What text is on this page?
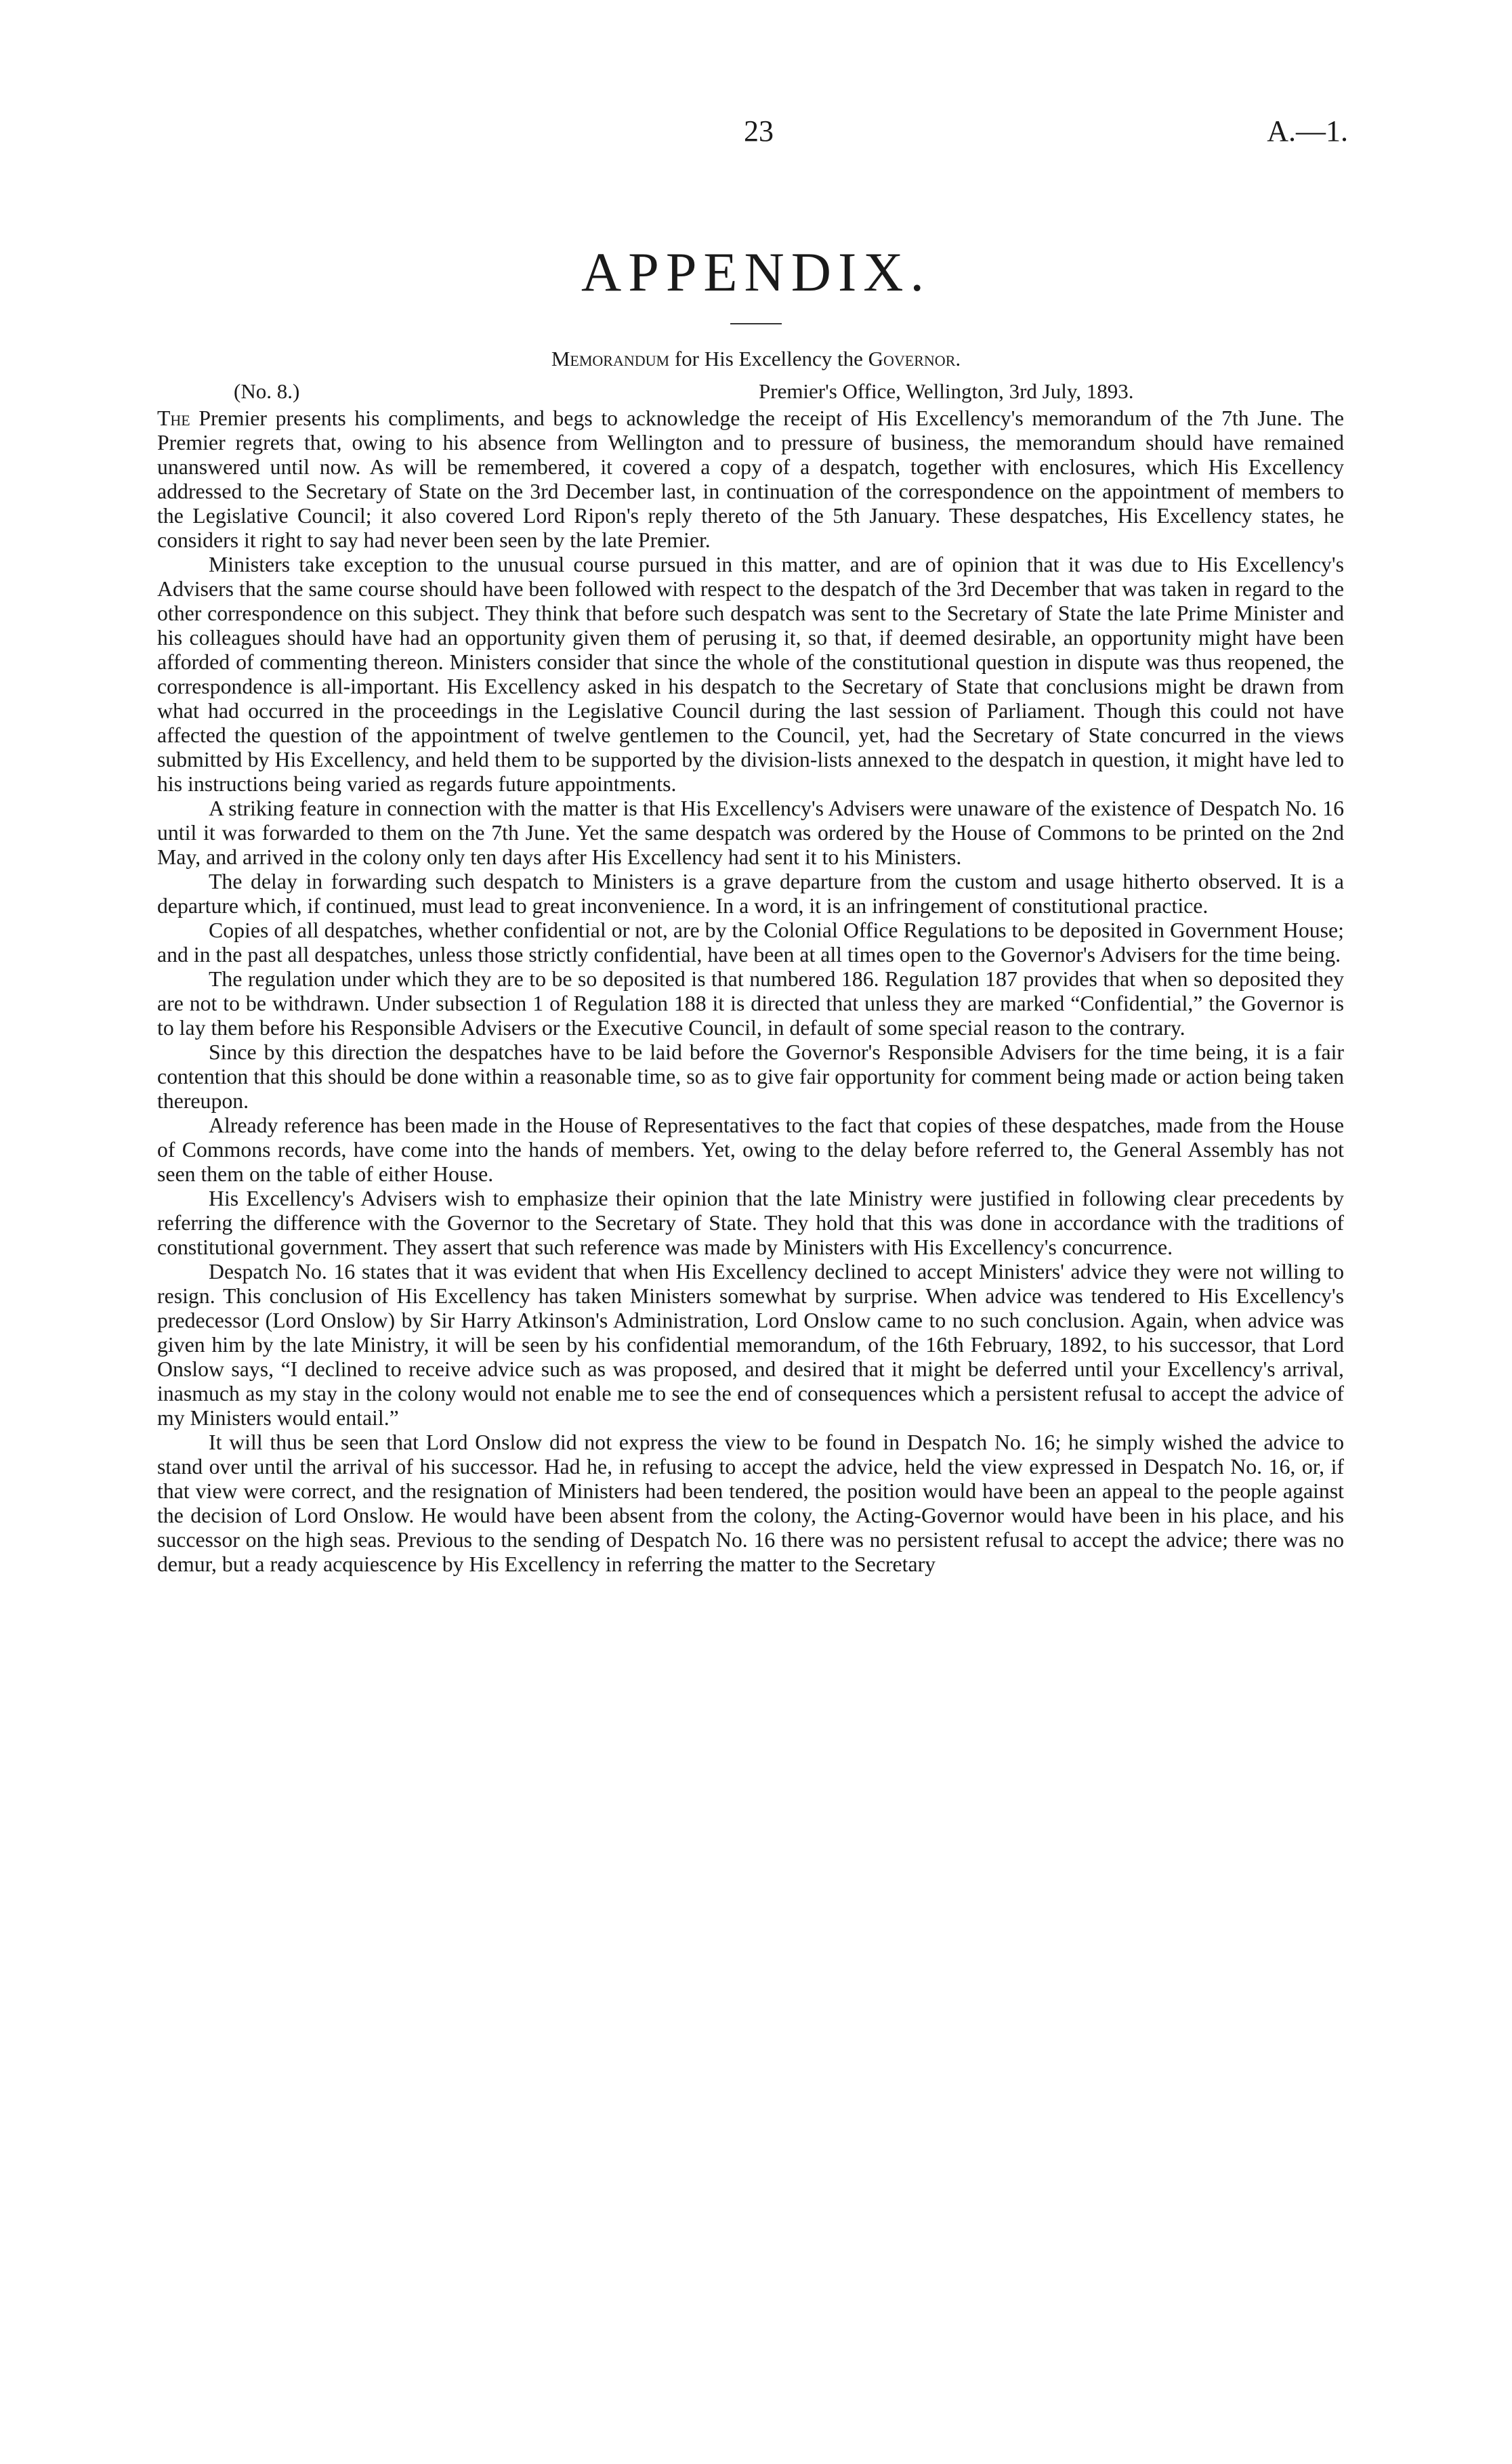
23	A.—1.
APPENDIX.
Memorandum for His Excellency the Governor.
(No. 8.)	Premier's Office, Wellington, 3rd July, 1893.

The Premier presents his compliments, and begs to acknowledge the receipt of His Excellency's memorandum of the 7th June. The Premier regrets that, owing to his absence from Wellington and to pressure of business, the memorandum should have remained unanswered until now. As will be remembered, it covered a copy of a despatch, together with enclosures, which His Excellency addressed to the Secretary of State on the 3rd December last, in continuation of the correspondence on the appointment of members to the Legislative Council; it also covered Lord Ripon's reply thereto of the 5th January. These despatches, His Excellency states, he considers it right to say had never been seen by the late Premier.

Ministers take exception to the unusual course pursued in this matter, and are of opinion that it was due to His Excellency's Advisers that the same course should have been followed with respect to the despatch of the 3rd December that was taken in regard to the other correspondence on this subject. They think that before such despatch was sent to the Secretary of State the late Prime Minister and his colleagues should have had an opportunity given them of perusing it, so that, if deemed desirable, an opportunity might have been afforded of commenting thereon. Ministers consider that since the whole of the constitutional question in dispute was thus reopened, the correspondence is all-important. His Excellency asked in his despatch to the Secretary of State that conclusions might be drawn from what had occurred in the proceedings in the Legislative Council during the last session of Parliament. Though this could not have affected the question of the appointment of twelve gentlemen to the Council, yet, had the Secretary of State concurred in the views submitted by His Excellency, and held them to be supported by the division-lists annexed to the despatch in question, it might have led to his instructions being varied as regards future appointments.

A striking feature in connection with the matter is that His Excellency's Advisers were unaware of the existence of Despatch No. 16 until it was forwarded to them on the 7th June. Yet the same despatch was ordered by the House of Commons to be printed on the 2nd May, and arrived in the colony only ten days after His Excellency had sent it to his Ministers.

The delay in forwarding such despatch to Ministers is a grave departure from the custom and usage hitherto observed. It is a departure which, if continued, must lead to great inconvenience. In a word, it is an infringement of constitutional practice.

Copies of all despatches, whether confidential or not, are by the Colonial Office Regulations to be deposited in Government House; and in the past all despatches, unless those strictly confidential, have been at all times open to the Governor's Advisers for the time being.

The regulation under which they are to be so deposited is that numbered 186. Regulation 187 provides that when so deposited they are not to be withdrawn. Under subsection 1 of Regulation 188 it is directed that unless they are marked “Confidential,” the Governor is to lay them before his Responsible Advisers or the Executive Council, in default of some special reason to the contrary.

Since by this direction the despatches have to be laid before the Governor's Responsible Advisers for the time being, it is a fair contention that this should be done within a reasonable time, so as to give fair opportunity for comment being made or action being taken thereupon.

Already reference has been made in the House of Representatives to the fact that copies of these despatches, made from the House of Commons records, have come into the hands of members. Yet, owing to the delay before referred to, the General Assembly has not seen them on the table of either House.

His Excellency's Advisers wish to emphasize their opinion that the late Ministry were justified in following clear precedents by referring the difference with the Governor to the Secretary of State. They hold that this was done in accordance with the traditions of constitutional government. They assert that such reference was made by Ministers with His Excellency's concurrence.

Despatch No. 16 states that it was evident that when His Excellency declined to accept Ministers' advice they were not willing to resign. This conclusion of His Excellency has taken Ministers somewhat by surprise. When advice was tendered to His Excellency's predecessor (Lord Onslow) by Sir Harry Atkinson's Administration, Lord Onslow came to no such conclusion. Again, when advice was given him by the late Ministry, it will be seen by his confidential memorandum, of the 16th February, 1892, to his successor, that Lord Onslow says, “I declined to receive advice such as was proposed, and desired that it might be deferred until your Excellency's arrival, inasmuch as my stay in the colony would not enable me to see the end of consequences which a persistent refusal to accept the advice of my Ministers would entail.”

It will thus be seen that Lord Onslow did not express the view to be found in Despatch No. 16; he simply wished the advice to stand over until the arrival of his successor. Had he, in refusing to accept the advice, held the view expressed in Despatch No. 16, or, if that view were correct, and the resignation of Ministers had been tendered, the position would have been an appeal to the people against the decision of Lord Onslow. He would have been absent from the colony, the Acting-Governor would have been in his place, and his successor on the high seas. Previous to the sending of Despatch No. 16 there was no persistent refusal to accept the advice; there was no demur, but a ready acquiescence by His Excellency in referring the matter to the Secretary
